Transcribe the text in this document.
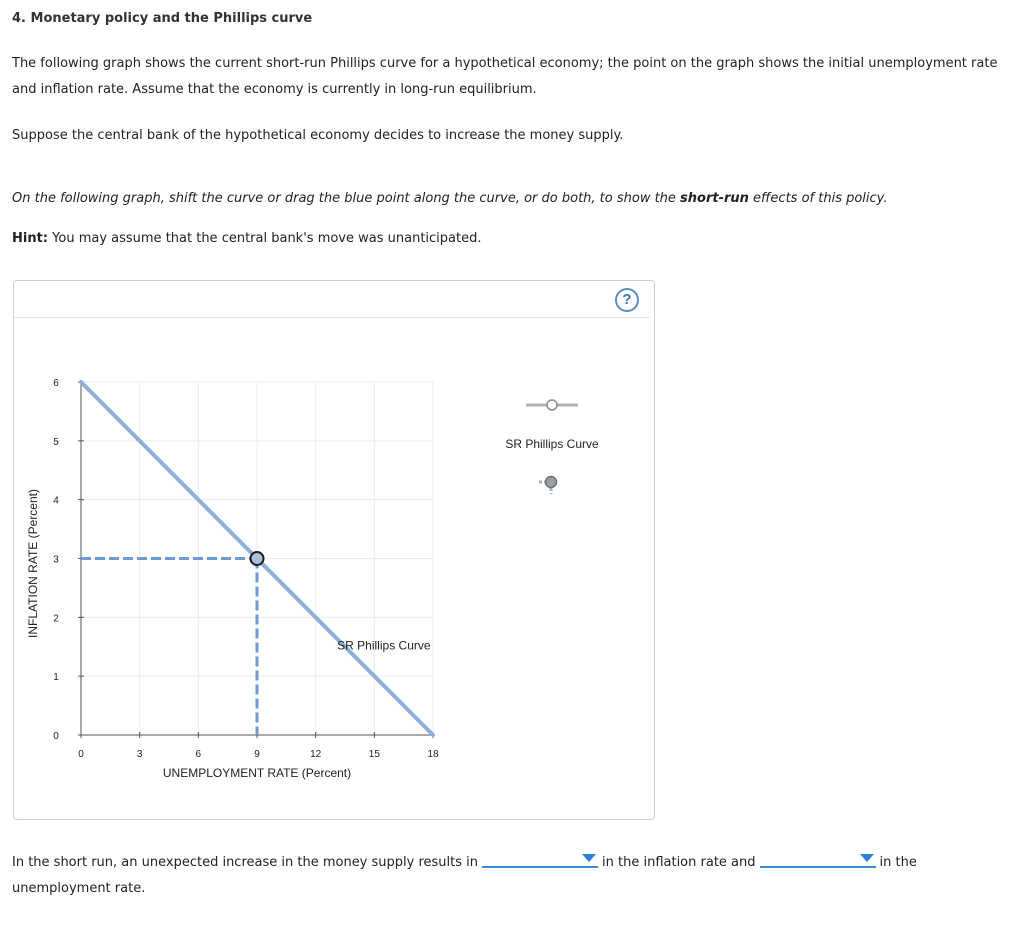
4. Monetary policy and the Phillips curve
The following graph shows the current short-run Phillips curve for a hypothetical economy; the point on the graph shows the initial unemployment rate and inflation rate. Assume that the economy is currently in long-run equilibrium.
Suppose the central bank of the hypothetical economy decides to increase the money supply.
On the following graph, shift the curve or drag the blue point along the curve, or do both, to show the short-run effects of this policy.
Hint: You may assume that the central bank's move was unanticipated.
?
0	3	6	9	12	15	18
0
1
2
3
4
5
6
SR Phillips Curve
UNEMPLOYMENT RATE (Percent)
INFLATION RATE (Percent)
SR Phillips Curve
In the short run, an unexpected increase in the money supply results in	in the inflation rate and	in the unemployment rate.
